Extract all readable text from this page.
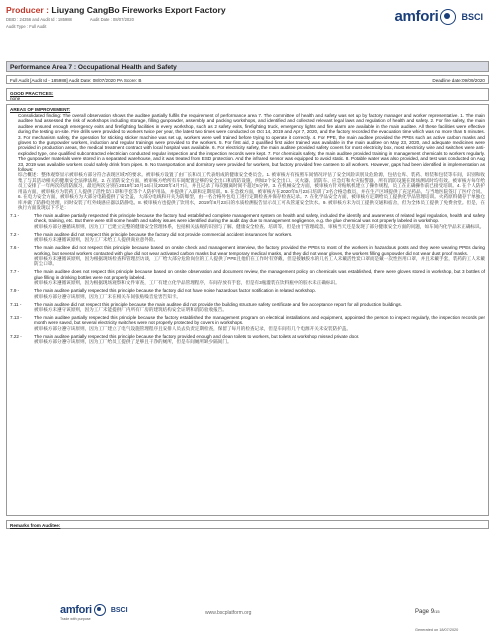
Producer : Liuyang CangBo Fireworks Export Factory
DBID : 24356 and Audit Id : 185988	Audit Date : 08/07/2020
Audit Type : Full Audit
amfori	BSCI
Performance Area 7 : Occupational Health and Safety
Full Audit [Audit Id - 185988] Audit Date: 08/07/2020 PA Score: B	Deadline date:09/09/2020
GOOD PRACTICES:
none
AREAS OF IMPROVEMENT:
Consolidated finding: The overall observation shows the auditee partially fulfils the requirement of performance area 7. The committee of health and safety was set up by factory manager and worker representative. 1. The main auditee had assessed the risk of workshops including storage, filling gunpowder, assembly and packing workshops, and identified and collected relevant legal laws and regulation of health and safety. 2. For fire safety, the main auditee ensured enough emergency exits and firefighting facilities in every workshop, such as 2 safety exits, firefighting truck, emergency lights and fire alarm are available in the main auditee. All these facilities were effective during the testing on-site. Fire drills were provided to workers twice per year, the latest two times were conducted on Oct 14, 2019 and Apr 7, 2020, and the factory recorded the evacuation time which was no more than 5 minutes. 3. For mechanism safety, the operation for sticking sticker machine was set up, workers were well trained before trying to operate it correctly. 4. For PPE, the main auditee provided the PPEs such as active carbon masks and gloves to the gunpowder workers, induction and regular trainings were provided to the workers. 5. For first aid, 2 qualified first aider trained was available in the main auditee on May 23, 2020, and adequate medicines were provided in production areas, the medical treatment contract with local hospital was available. 6. For electricity safety, the main auditee provided safety covers for most electricity box, most electricity wire and switches were anti-exploded type, one qualified subcontracted electrician conducted regular inspection and the inspection records were kept. 7. For chemicals safety, the main auditee provided training in management chemicals to workers regularly. The gunpowder materials were stored in a separated warehouse, and it was treated from ESD protection. And the infrared sensor was equipped to avoid static. 8. Potable water was also provided, and test was conducted on Aug 23, 2019 was available workers could safely drink from pipes. 9. No transportation and dormitory were provided for workers, but factory provided free canteen to all workers. However, gaps had been identified in implementation as follows:
综合概述：整体观察显示被审核方部分符合表现区域7的要求。被审核方设置了由厂长和员工代表组成的健康安全委员会。1. 被审核方有按照车间情况评估了安全风险识别及危险源，包括仓库、装药、组装和包装等车间，识别和收集了与其活动相关的健康安全法律法规。2. 在消防安全方面，被审核方给所有车间配置足够的安全出口和消防设施，例如2个安全出口、灭火器、消防车、应急灯和火灾报警器，所有消防设施在现场测试时均有效。被审核方每年给员工安排了一年两次的消防演习，最近两次分别在2019年10月14日及2020年4月7日，并且记录了每次撤离时间不超过5分钟。3. 在机械安全方面，被审核方针对贴纸机建立了操作规程，员工在正确操作前已接受培训。4. 在个人防护用品方面，被审核方为装药工人提供了活性炭口罩和手套等个人防护用品，并提供了入职和定期培训。5. 在急救方面，被审核方在2020年5月23日培训了2名合格急救员，并在生产区域提供了充足药品，与当地医院签订了医疗合同。6. 在电力安全方面，被审核方为大部分电箱提供了安全盖，大部分电线和开关为防爆型，由一名合格外包电工进行定期检查并保存检查记录。7. 在化学品安全方面，被审核方定期给员工提供化学品管理培训。火药原料储存于单独仓库并做了防静电处理，同时安装了红外线感应器以防静电。8. 被审核方也提供了饮用水，2019年8月23日的水质检测报告显示员工可从管道安全饮水。9. 被审核方未为员工提供交通和宿舍，但为全体员工提供了免费食堂。但是，在执行方面发现以下不足：
7.1 -	The main auditee partially respected this principle because the factory had established complete management system on health and safety, included the identify and awareness of related legal regulation, health and safety check, training, etc. But there were still some health and safety issues were identified during the audit day due to management negligence, e.g. the glue chemical was not properly labeled in workshop.
被审核方部分遵循该原则，因为工厂已建立完整的健康安全管理体系，包括相关法规的识别与了解、健康安全检查、培训等，但是由于管理疏忽，审核当天还是发现了部分健康安全方面的问题，如车间内化学品未正确标识。
7.2 -	The main auditee did not respect this principle because the factory did not provide commercial accident insurances for workers.
被审核方未遵循该原则，因为工厂未给工人提供商业意外险。
7.6 -	The main auditee did not respect this principle because based on onsite check and management interview, the factory provided the PPEs to most of the workers in hazardous posts and they were wearing PPEs during working, but several workers contacted with glue did not wear activated carbon masks but wear temporary medical masks, and they did not wear gloves, the workers filling gunpowder did not wear dust proof masks.
被审核方未遵循该原则，因为根据现场检查和管理层访谈，工厂给大部分危险岗位的工人提供了PPE且他们在工作时有穿戴，但是接触胶水的几名工人未戴活性炭口罩而是戴一次性医用口罩，并且未戴手套，装药的工人未戴防尘口罩。
7.7 -	The main auditee does not respect this principle because based on onsite observation and document review, the management policy on chemicals was established, there were gloves stored in workshop, but 3 bottles of glue filling in drinking bottles were not properly labeled.
被审核方未遵循该原则，因为根据现场观察和文件审查，工厂有建立化学品管理程序，车间存放有手套，但是有3瓶灌装在饮料瓶中的胶水未正确标识。
7.9 -	The main auditee partially respected this principle because the factory did not have noise hazardous factor notification in related workshop.
被审核方部分遵守该原则，因为工厂未在相关车间张贴噪音危害告知卡。
7.11 -	The main auditee did not respect this principle because the main auditee did not provide the building structure safety certificate and fire acceptance report for all production buildings.
被审核方未遵守该原则，因为工厂未能提供厂内所有厂房的建筑结构安全证明和消防验收报告。
7.13 -	The main auditee partially respected this principle because the factory established the management program on electrical installations and equipment, appointed the person to inspect regularly, the inspection records per month were saved, but several electricity switches were not properly protected by covers in workshops.
被审核方部分遵守该原则，因为工厂建立了电气设施管理程序且安排人员去负责定期检查，保留了每月的检查记录，但是车间有几个电源开关未安装防护盖。
7.22 -	The main auditee partially respected this principle because the factory provided enough and clean toilets to workers, but toilets at workshop missed private door.
被审核方部分遵守该原则，因为工厂给员工提供了足够且干净的厕所，但是车间厕所缺少隔间门。
Remarks from Auditee:
amfori	BSCI
Trade with purpose
www.bscplatform.org	Page 9/15
Generated on 18/07/2020
